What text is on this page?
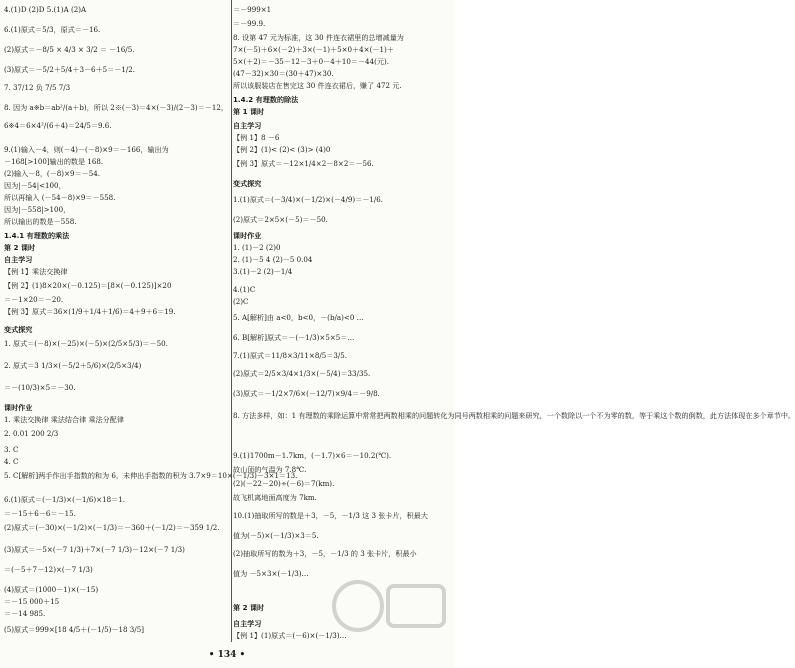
4.(1)D (2)D 5.(1)A (2)A
6.(1)原式＝5/3，原式＝－16.
(2)原式＝－8/5 × 4/3 × 3/2 ＝ －16/5.
(3)原式＝－5/2＋5/4＋3－6＋5＝－1/2.
7. 37/12 负 7/5 7/3
8. 因为 a※b＝ab²/(a＋b)，所以 2※(－3)＝4×(－3)/(2－3)＝－12，
6※4＝6×4²/(6＋4)＝24/5＝9.6.
9.(1)输入－4，则(－4)－(－8)×9＝－166，输出为
－168[>100]输出的数是 168.
(2)输入－8，(－8)×9＝－54.
因为|－54|<100，
所以再输入 (－54－8)×9＝－558.
因为|－558|>100，
所以输出的数是－558.
1.4.1 有理数的乘法
第 2 课时
自主学习
【例 1】乘法交换律
【例 2】(1)8×20×(－0.125)＝[8×(－0.125)]×20
＝－1×20＝－20.
【例 3】原式＝36×(1/9＋1/4＋1/6)＝4＋9＋6＝19.
变式探究
1. 原式＝(－8)×(－25)×(－5)×(2/5×5/3)＝－50.
2. 原式＝3 1/3×(－5/2＋5/6)×(2/5×3/4)
＝－(10/3)×5＝－30.
课时作业
1. 乘法交换律 乘法结合律 乘法分配律
2. 0.01 200 2/3
3. C
4. C
5. C[解析]两手作出手指数的和为 6，未伸出手指数的积为 3.7×9＝10×(－1/3)－3×1＝13.
6.(1)原式＝(－1/3)×(－1/6)×18＝1.
＝－15＋6－6＝－15.
(2)原式＝(－30)×(－1/2)×(－1/3)＝－360＋(－1/2)＝－359 1/2.
(3)原式＝－5×(－7 1/3)＋7×(－7 1/3)－12×(－7 1/3)
＝(－5＋7－12)×(－7 1/3)
(4)原式＝(1000－1)×(－15)
＝－15 000＋15
＝－14 985.
(5)原式＝999×[18 4/5＋(－1/5)－18 3/5]
＝－999×1
＝－99.9.
8. 设第 47 元为标准，这 30 件连衣裙里的总增减量为
7×(－5)＋6×(－2)＋3×(－1)＋5×0＋4×(－1)＋
5×(＋2)＝－35－12－3＋0－4＋10＝－44(元).
(47－32)×30＝(30＋47)×30.
所以该服装店在售完这 30 件连衣裙后，赚了 472 元.
1.4.2 有理数的除法
第 1 课时
自主学习
【例 1】8 －6
【例 2】(1)< (2)< (3)> (4)0
【例 3】原式＝－12×1/4×2－8×2＝－56.
变式探究
1.(1)原式＝(－3/4)×(－1/2)×(－4/9)＝－1/6.
(2)原式＝2×5×(－5)＝－50.
课时作业
1. (1)－2 (2)0
2. (1)－5 4 (2)－5 0.04
3.(1)－2 (2)－1/4
4.(1)C
(2)C
5. A[解析]由 a<0，b<0，－(b/a)<0 …
6. B[解析]原式＝－(－1/3)×5×5＝…
7.(1)原式＝11/8×3/11×8/5＝3/5.
(2)原式＝2/5×3/4×1/3×(－5/4)＝33/35.
(3)原式＝－1/2×7/6×(－12/7)×9/4＝－9/8.
8. 方法多样，如：1 有理数的乘除运算中常常把两数相乘的问题转化为同号两数相乘的问题来研究，一个数除以一个不为零的数，等于乘这个数的倒数，此方法体现在多个章节中。
9.(1)1700m－1.7km，(－1.7)×6＝－10.2(℃).
故山顶的气温为 7.8℃.
(2)(－22－20)÷(－6)＝7(km).
故飞机离地面高度为 7km.
10.(1)抽取所写的数是＋3，－5，－1/3 这 3 张卡片，积最大
值为(－5)×(－1/3)×3＝5.
(2)抽取所写的数为＋3，－5，－1/3 的 3 张卡片，积最小
值为 －5×3×(－1/3)…
第 2 课时
自主学习
【例 1】(1)原式＝(－6)×(－1/3)…
• 134 •
